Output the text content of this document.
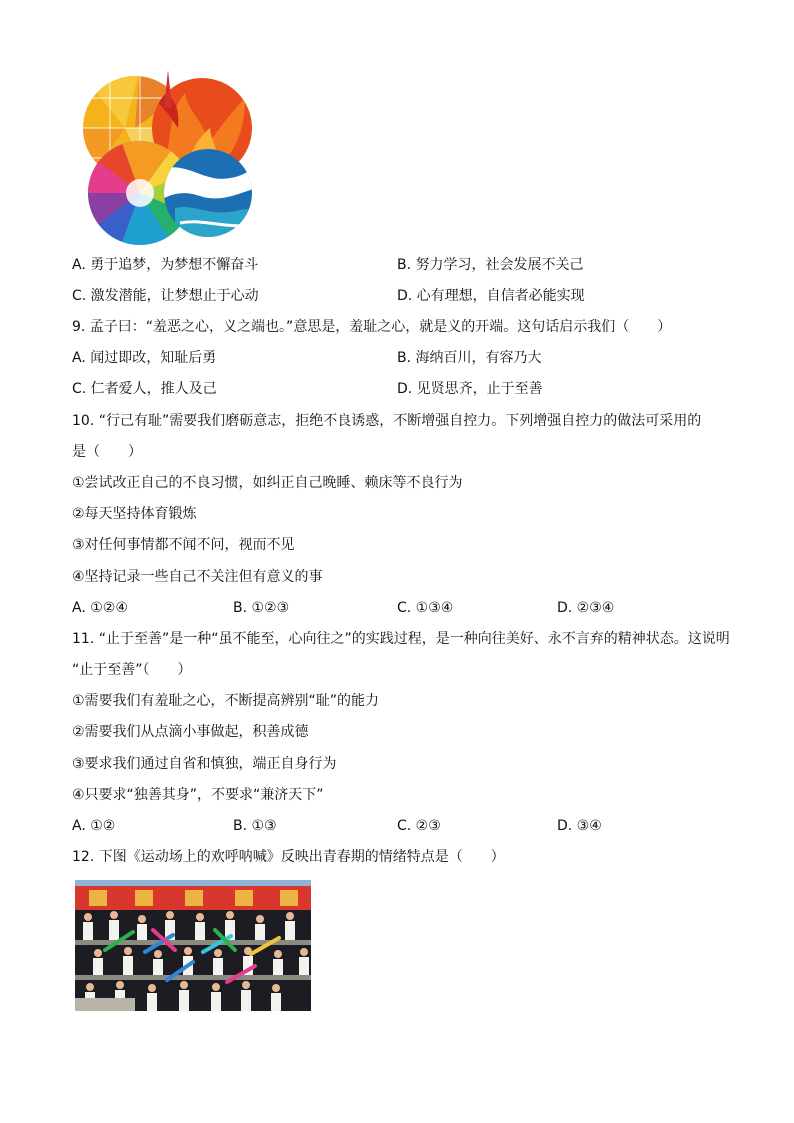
A. 勇于追梦，为梦想不懈奋斗	B. 努力学习，社会发展不关己
C. 激发潜能，让梦想止于心动	D. 心有理想，自信者必能实现
9. 孟子曰：“羞恶之心，义之端也。”意思是，羞耻之心，就是义的开端。这句话启示我们（　　）
A. 闻过即改，知耻后勇	B. 海纳百川，有容乃大
C. 仁者爱人，推人及己	D. 见贤思齐，止于至善
10. “行己有耻”需要我们磨砺意志，拒绝不良诱惑，不断增强自控力。下列增强自控力的做法可采用的
是（　　）
①尝试改正自己的不良习惯，如纠正自己晚睡、赖床等不良行为
②每天坚持体育锻炼
③对任何事情都不闻不问，视而不见
④坚持记录一些自己不关注但有意义的事
A. ①②④	B. ①②③	C. ①③④	D. ②③④
11. “止于至善”是一种“虽不能至，心向往之”的实践过程，是一种向往美好、永不言弃的精神状态。这说明
“止于至善”（　　）
①需要我们有羞耻之心，不断提高辨别“耻”的能力
②需要我们从点滴小事做起，积善成德
③要求我们通过自省和慎独，端正自身行为
④只要求“独善其身”，不要求“兼济天下”
A. ①②	B. ①③	C. ②③	D. ③④
12. 下图《运动场上的欢呼呐喊》反映出青春期的情绪特点是（　　）
